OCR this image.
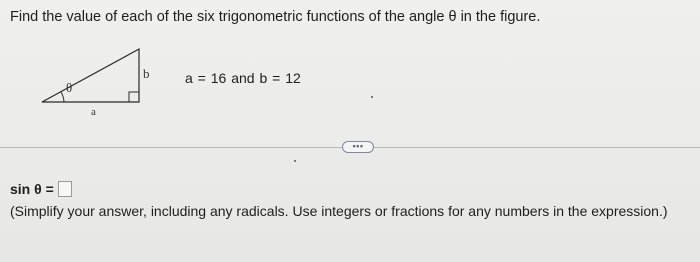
Find the value of each of the six trigonometric functions of the angle θ in the figure.
θ
b
a
a = 16 and b = 12
•••
sin θ =
(Simplify your answer, including any radicals. Use integers or fractions for any numbers in the expression.)
